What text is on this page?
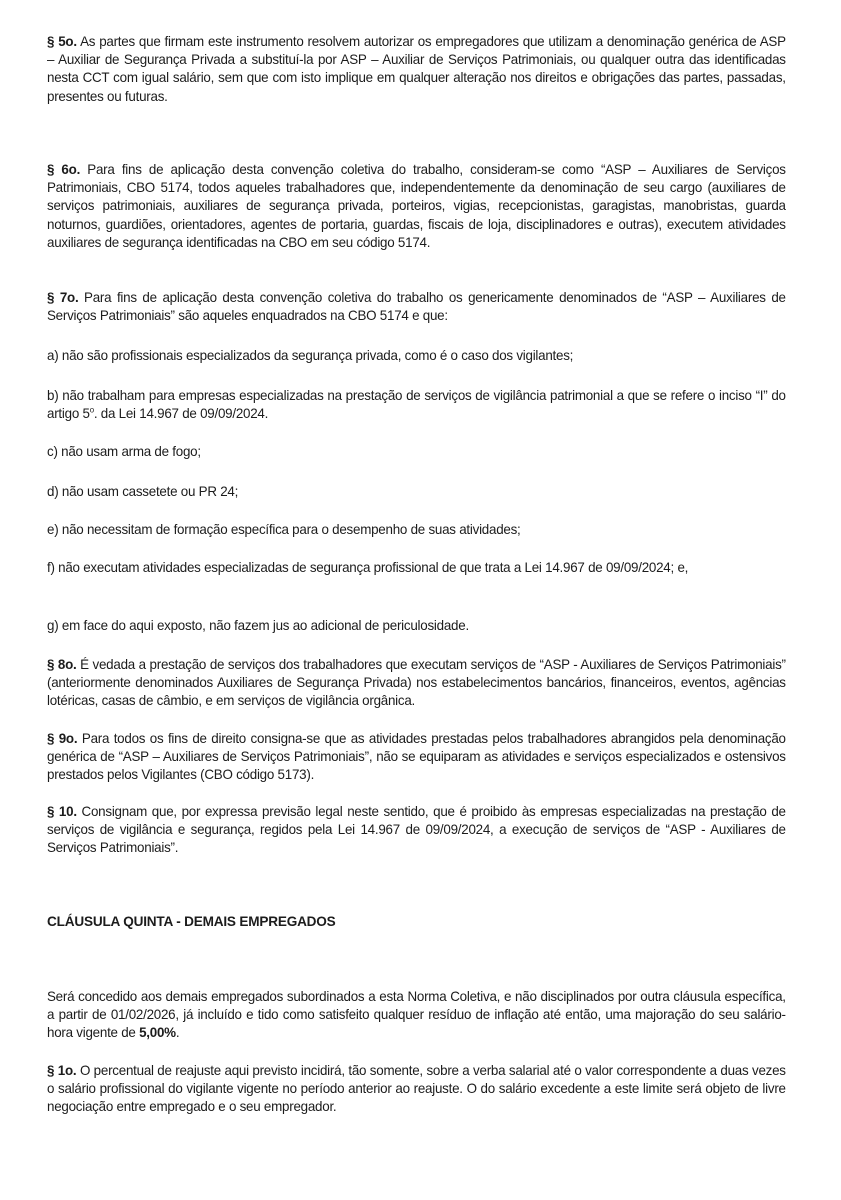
§ 5o. As partes que firmam este instrumento resolvem autorizar os empregadores que utilizam a denominação genérica de ASP – Auxiliar de Segurança Privada a substituí-la por ASP – Auxiliar de Serviços Patrimoniais, ou qualquer outra das identificadas nesta CCT com igual salário, sem que com isto implique em qualquer alteração nos direitos e obrigações das partes, passadas, presentes ou futuras.

§ 6o. Para fins de aplicação desta convenção coletiva do trabalho, consideram-se como “ASP – Auxiliares de Serviços Patrimoniais, CBO 5174, todos aqueles trabalhadores que, independentemente da denominação de seu cargo (auxiliares de serviços patrimoniais, auxiliares de segurança privada, porteiros, vigias, recepcionistas, garagistas, manobristas, guarda noturnos, guardiões, orientadores, agentes de portaria, guardas, fiscais de loja, disciplinadores e outras), executem atividades auxiliares de segurança identificadas na CBO em seu código 5174.

§ 7o. Para fins de aplicação desta convenção coletiva do trabalho os genericamente denominados de “ASP – Auxiliares de Serviços Patrimoniais” são aqueles enquadrados na CBO 5174 e que:

a) não são profissionais especializados da segurança privada, como é o caso dos vigilantes;

b) não trabalham para empresas especializadas na prestação de serviços de vigilância patrimonial a que se refere o inciso “I” do artigo 5$^o$. da Lei 14.967 de 09/09/2024.

c) não usam arma de fogo;

d) não usam cassetete ou PR 24;

e) não necessitam de formação específica para o desempenho de suas atividades;

f) não executam atividades especializadas de segurança profissional de que trata a Lei 14.967 de 09/09/2024; e,

g) em face do aqui exposto, não fazem jus ao adicional de periculosidade.

§ 8o. É vedada a prestação de serviços dos trabalhadores que executam serviços de “ASP - Auxiliares de Serviços Patrimoniais” (anteriormente denominados Auxiliares de Segurança Privada) nos estabelecimentos bancários, financeiros, eventos, agências lotéricas, casas de câmbio, e em serviços de vigilância orgânica.

§ 9o. Para todos os fins de direito consigna-se que as atividades prestadas pelos trabalhadores abrangidos pela denominação genérica de “ASP – Auxiliares de Serviços Patrimoniais”, não se equiparam as atividades e serviços especializados e ostensivos prestados pelos Vigilantes (CBO código 5173).

§ 10. Consignam que, por expressa previsão legal neste sentido, que é proibido às empresas especializadas na prestação de serviços de vigilância e segurança, regidos pela Lei 14.967 de 09/09/2024, a execução de serviços de “ASP - Auxiliares de Serviços Patrimoniais”.

CLÁUSULA QUINTA - DEMAIS EMPREGADOS

Será concedido aos demais empregados subordinados a esta Norma Coletiva, e não disciplinados por outra cláusula específica, a partir de 01/02/2026, já incluído e tido como satisfeito qualquer resíduo de inflação até então, uma majoração do seu salário-hora vigente de 5,00%.

§ 1o. O percentual de reajuste aqui previsto incidirá, tão somente, sobre a verba salarial até o valor correspondente a duas vezes o salário profissional do vigilante vigente no período anterior ao reajuste. O do salário excedente a este limite será objeto de livre negociação entre empregado e o seu empregador.
